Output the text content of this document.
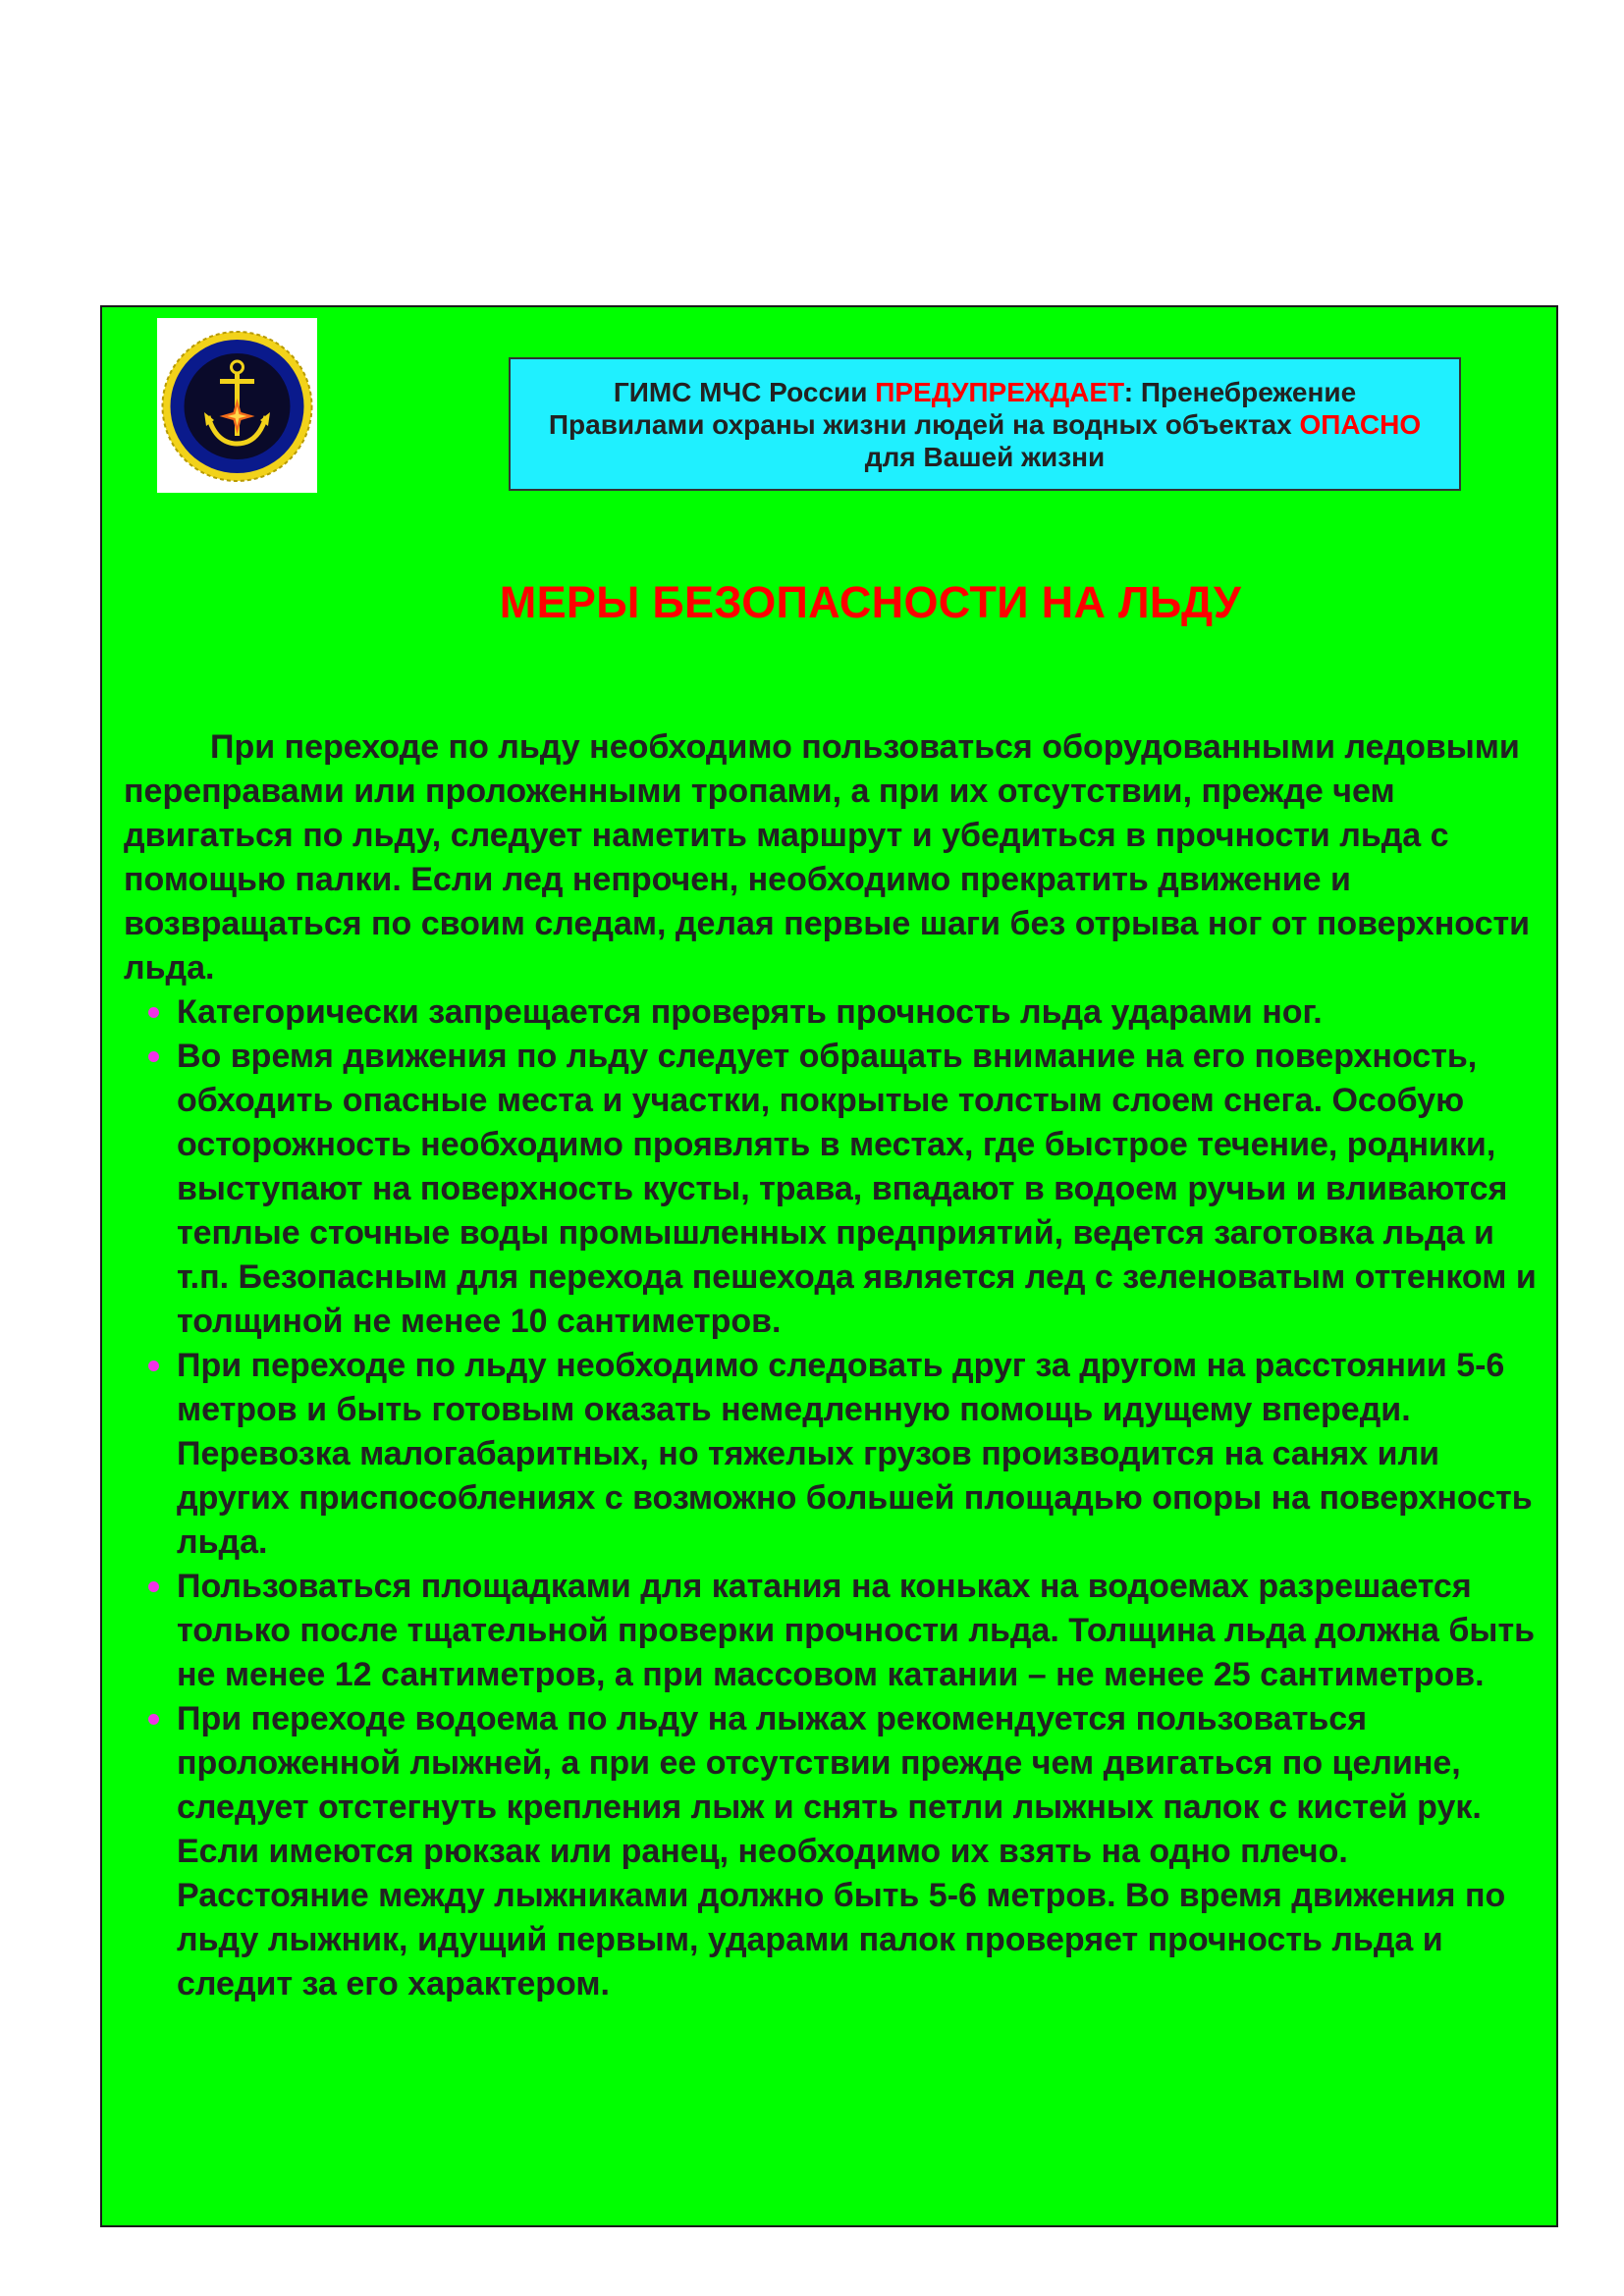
ГИМС МЧС России ПРЕДУПРЕЖДАЕТ: Пренебрежение Правилами охраны жизни людей на водных объектах ОПАСНО для Вашей жизни
МЕРЫ БЕЗОПАСНОСТИ НА ЛЬДУ

При переходе по льду необходимо пользоваться оборудованными ледовыми переправами или проложенными тропами, а при их отсутствии, прежде чем двигаться по льду, следует наметить маршрут и убедиться в прочности льда с помощью палки. Если лед непрочен, необходимо прекратить движение и возвращаться по своим следам, делая первые шаги без отрыва ног от поверхности льда.

Категорически запрещается проверять прочность льда ударами ног.
Во время движения по льду следует обращать внимание на его поверхность, обходить опасные места и участки, покрытые толстым слоем снега. Особую осторожность необходимо проявлять в местах, где быстрое течение, родники, выступают на поверхность кусты, трава, впадают в водоем ручьи и вливаются теплые сточные воды промышленных предприятий, ведется заготовка льда и т.п. Безопасным для перехода пешехода является лед с зеленоватым оттенком и толщиной не менее 10 сантиметров.
При переходе по льду необходимо следовать друг за другом на расстоянии 5-6 метров и быть готовым оказать немедленную помощь идущему впереди. Перевозка малогабаритных, но тяжелых грузов производится на санях или других приспособлениях с возможно большей площадью опоры на поверхность льда.
Пользоваться площадками для катания на коньках на водоемах разрешается только после тщательной проверки прочности льда. Толщина льда должна быть не менее 12 сантиметров, а при массовом катании – не менее 25 сантиметров.
При переходе водоема по льду на лыжах рекомендуется пользоваться проложенной лыжней, а при ее отсутствии прежде чем двигаться по целине, следует отстегнуть крепления лыж и снять петли лыжных палок с кистей рук. Если имеются рюкзак или ранец, необходимо их взять на одно плечо. Расстояние между лыжниками должно быть 5-6 метров. Во время движения по льду лыжник, идущий первым, ударами палок проверяет прочность льда и следит за его характером.
